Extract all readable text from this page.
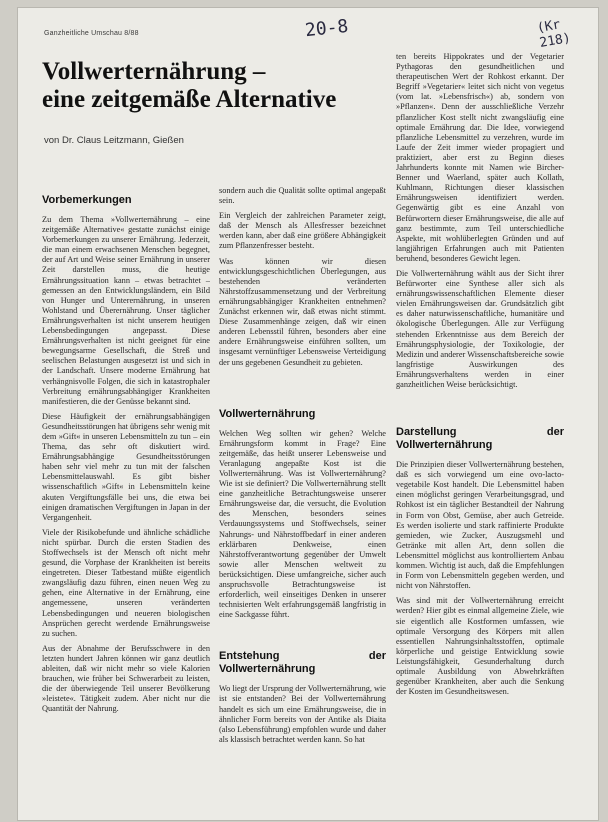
Ganzheitliche Umschau 8/88	20-8	(Kr 218)
Vollwerternährung –
eine zeitgemäße Alternative
von Dr. Claus Leitzmann, Gießen
Vorbemerkungen

Zu dem Thema »Vollwerternährung – eine zeitgemäße Alternative« gestatte zunächst einige Vorbemerkungen zu unserer Ernährung. Jederzeit, die man einem erwachsenen Menschen begegnet, der auf Art und Weise seiner Ernährung in unserer Zeit darstellen muss, die heutige Ernährungssituation kann – etwas betrachtet – gemessen an den Entwicklungsländern, ein Bild von Hunger und Unterernährung, in unseren Wohlstand und Überernährung. Unser täglicher Ernährungsverhalten ist nicht unserem heutigen Lebensbedingungen angepasst. Diese Ernährungsverhalten ist nicht geeignet für eine bewegungsarme Gesellschaft, die Streß und seelischen Belastungen ausgesetzt ist und sich in der Landschaft. Unsere moderne Ernährung hat verhängnisvolle Folgen, die sich in katastrophaler Verbreitung ernährungsabhängiger Krankheiten manifestieren, die der Genüsse bekannt sind.

Diese Häufigkeit der ernährungsabhängigen Gesundheitsstörungen hat übrigens sehr wenig mit dem »Gift« in unseren Lebensmitteln zu tun – ein Thema, das sehr oft diskutiert wird. Ernährungsabhängige Gesundheitsstörungen haben sehr viel mehr zu tun mit der falschen Lebensmittelauswahl. Es gibt bisher wissenschaftlich »Gift« in Lebensmitteln keine akuten Vergiftungsfälle bei uns, die etwa bei einigen dramatischen Vergiftungen in Japan in der Vergangenheit.

Viele der Risikobefunde und ähnliche schädliche nicht spürbar. Durch die ersten Stadien des Stoffwechsels ist der Mensch oft nicht mehr gesund, die Vorphase der Krankheiten ist bereits eingetreten. Dieser Tatbestand müßte eigentlich zwangsläufig dazu führen, einen neuen Weg zu gehen, eine Alternative in der Ernährung, eine angemessene, unseren veränderten Lebensbedingungen und neueren biologischen Ansprüchen gerecht werdende Ernährungsweise zu suchen.

Aus der Abnahme der Berufsschwere in den letzten hundert Jahren können wir ganz deutlich ableiten, daß wir nicht mehr so viele Kalorien brauchen, wie früher bei Schwerarbeit zu leisten, die der überwiegende Teil unserer Bevölkerung »leistete«. Tätigkeit zudem. Aber nicht nur die Quantität der Nahrung.

sondern auch die Qualität sollte optimal angepaßt sein.

Ein Vergleich der zahlreichen Parameter zeigt, daß der Mensch als Allesfresser bezeichnet werden kann, aber daß eine größere Abhängigkeit zum Pflanzenfresser besteht.

Was können wir diesen entwicklungsgeschichtlichen Überlegungen, aus bestehenden veränderten Nährstoffzusammensetzung und der Verbreitung ernährungsabhängiger Krankheiten entnehmen? Zunächst erkennen wir, daß etwas nicht stimmt. Diese Zusammenhänge zeigen, daß wir einen anderen Lebensstil führen, besonders aber eine andere Ernährungsweise einführen sollten, um insgesamt vernünftiger Lebensweise Verteidigung der uns gegebenen Gesundheit zu gebieten.

Vollwerternährung

Welchen Weg sollten wir gehen? Welche Ernährungsform kommt in Frage? Eine zeitgemäße, das heißt unserer Lebensweise und Veranlagung angepaßte Kost ist die Vollwerternährung. Was ist Vollwerternährung? Wie ist sie definiert? Die Vollwerternährung stellt eine ganzheitliche Betrachtungsweise unserer Ernährungsweise dar, die versucht, die Evolution des Menschen, besonders seines Verdauungssystems und Stoffwechsels, seiner Nahrungs- und Nährstoffbedarf in einer anderen erklärbaren Denkweise, einen Nährstoffverantwortung gegenüber der Umwelt sowie aller Menschen weltweit zu berücksichtigen. Diese umfangreiche, sicher auch anspruchsvolle Betrachtungsweise ist erforderlich, weil einseitiges Denken in unserer technisierten Welt erfahrungsgemäß langfristig in eine Sackgasse führt.

Entstehung der Vollwerternährung

Wo liegt der Ursprung der Vollwerternährung, wie ist sie entstanden? Bei der Vollwerternährung handelt es sich um eine Ernährungsweise, die in ähnlicher Form bereits von der Antike als Diaita (also Lebensführung) empfohlen wurde und daher als klassisch betrachtet werden kann. So hat

ten bereits Hippokrates und der Vegetarier Pythagoras den gesundheitlichen und therapeutischen Wert der Rohkost erkannt. Der Begriff »Vegetarier« leitet sich nicht von vegetus (vom lat. »Lebensfrisch«) ab, sondern von »Pflanzen«. Denn der ausschließliche Verzehr pflanzlicher Kost stellt nicht zwangsläufig eine optimale Ernährung dar. Die Idee, vorwiegend pflanzliche Lebensmittel zu verzehren, wurde im Laufe der Zeit immer wieder propagiert und praktiziert, aber erst zu Beginn dieses Jahrhunderts konnte mit Namen wie Bircher-Benner und Waerland, später auch Kollath, Kuhlmann, Richtungen dieser klassischen Ernährungsweisen identifiziert werden. Gegenwärtig gibt es eine Anzahl von Befürwortern dieser Ernährungsweise, die alle auf ganz bestimmte, zum Teil unterschiedliche Aspekte, mit wohlüberlegten Gründen und auf langjährigen Erfahrungen auch mit Patienten beruhend, besonderes Gewicht legen.

Die Vollwerternährung wählt aus der Sicht ihrer Befürworter eine Synthese aller sich als ernährungswissenschaftlichen Elemente dieser vielen Ernährungsweisen dar. Grundsätzlich gibt es daher naturwissenschaftliche, humanitäre und ökologische Überlegungen. Alle zur Verfügung stehenden Erkenntnisse aus dem Bereich der Ernährungsphysiologie, der Toxikologie, der Medizin und anderer Wissenschaftsbereiche sowie langfristige Auswirkungen des Ernährungsverhaltens werden in einer ganzheitlichen Weise berücksichtigt.

Darstellung der Vollwerternährung

Die Prinzipien dieser Vollwerternährung bestehen, daß es sich vorwiegend um eine ovo-lacto-vegetabile Kost handelt. Die Lebensmittel haben einen möglichst geringen Verarbeitungsgrad, und Rohkost ist ein täglicher Bestandteil der Nahrung in Form von Obst, Gemüse, aber auch Getreide. Es werden isolierte und stark raffinierte Produkte gemieden, wie Zucker, Auszugsmehl und Getränke mit allen Art, denn sollen die Lebensmittel möglichst aus kontrolliertem Anbau kommen. Wichtig ist auch, daß die Empfehlungen in Form von Lebensmitteln gegeben werden, und nicht von Nährstoffen.

Was sind mit der Vollwerternährung erreicht werden? Hier gibt es einmal allgemeine Ziele, wie sie eigentlich alle Kostformen umfassen, wie optimale Versorgung des Körpers mit allen essentiellen Nahrungsinhaltsstoffen, optimale körperliche und geistige Entwicklung sowie Leistungsfähigkeit, Gesunderhaltung durch optimale Ausbildung von Abwehrkräften gegenüber Krankheiten, aber auch die Senkung der Kosten im Gesundheitswesen.
